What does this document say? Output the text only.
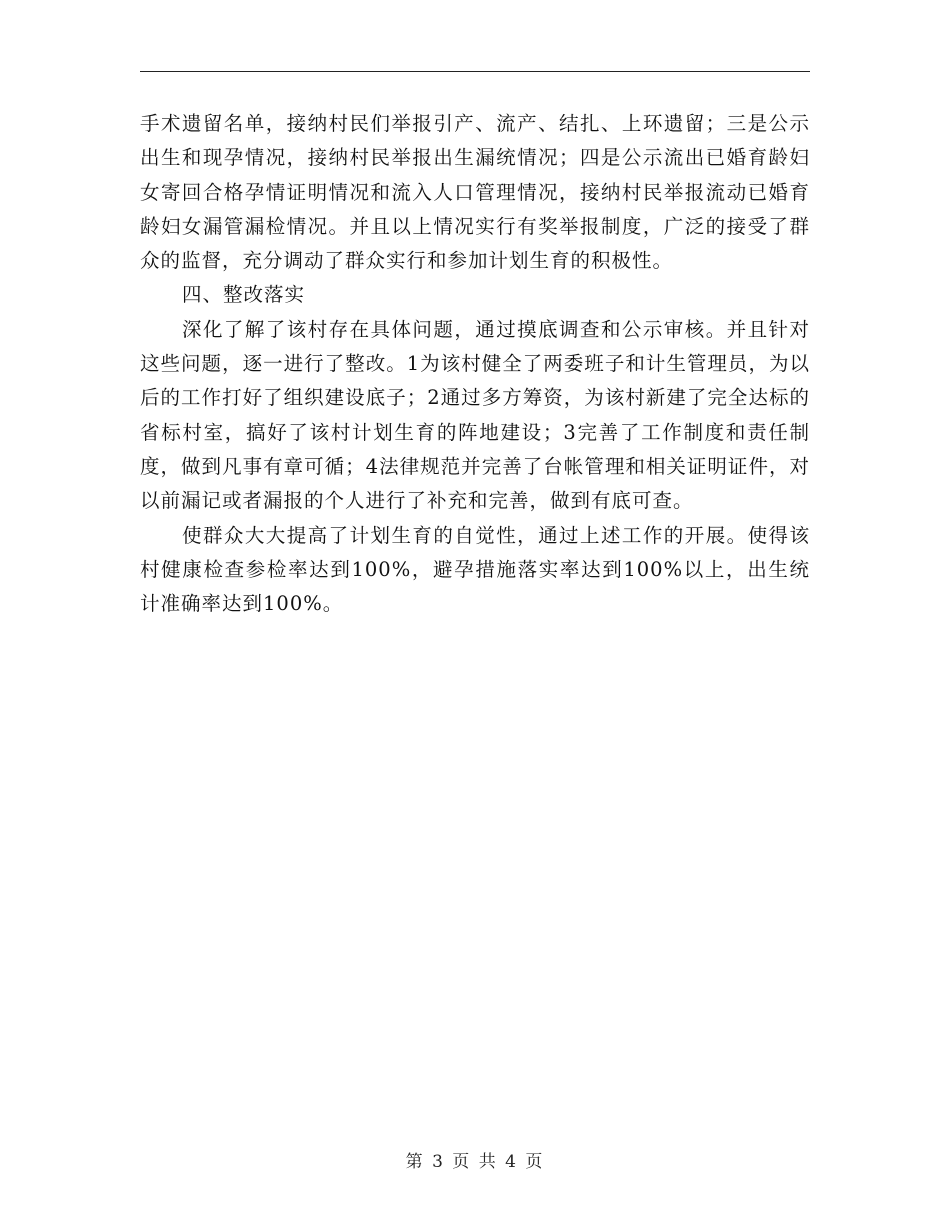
手术遗留名单，接纳村民们举报引产、流产、结扎、上环遗留；三是公示出生和现孕情况，接纳村民举报出生漏统情况；四是公示流出已婚育龄妇女寄回合格孕情证明情况和流入人口管理情况，接纳村民举报流动已婚育龄妇女漏管漏检情况。并且以上情况实行有奖举报制度，广泛的接受了群众的监督，充分调动了群众实行和参加计划生育的积极性。

四、整改落实

深化了解了该村存在具体问题，通过摸底调查和公示审核。并且针对这些问题，逐一进行了整改。1为该村健全了两委班子和计生管理员，为以后的工作打好了组织建设底子；2通过多方筹资，为该村新建了完全达标的省标村室，搞好了该村计划生育的阵地建设；3完善了工作制度和责任制度，做到凡事有章可循；4法律规范并完善了台帐管理和相关证明证件，对以前漏记或者漏报的个人进行了补充和完善，做到有底可查。

使群众大大提高了计划生育的自觉性，通过上述工作的开展。使得该村健康检查参检率达到100%，避孕措施落实率达到100%以上，出生统计准确率达到100%。

第 3 页 共 4 页
